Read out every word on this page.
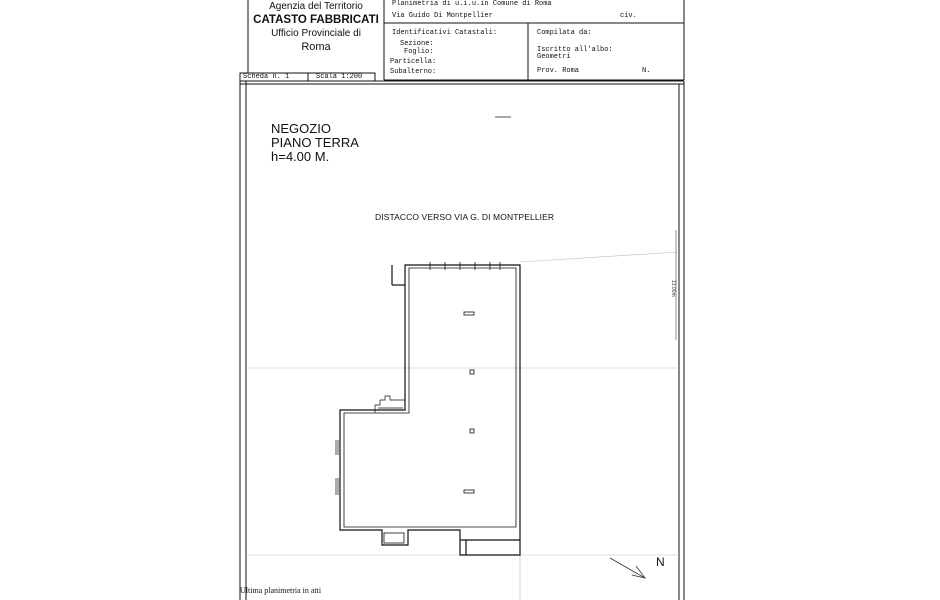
Agenzia del Territorio
CATASTO FABBRICATI
Ufficio Provinciale di
Roma
Planimetria di u.i.u.in Comune di Roma
Via Guido Di Montpellier	civ.
Identificativi Catastali:
Sezione:
Foglio:
Particella:
Subalterno:
Compilata da:
Iscritto all'albo:
Geometri
Prov. Roma	N.
Scheda n. 1	Scala 1:200
NEGOZIO
PIANO TERRA
h=4.00 M.
DISTACCO VERSO VIA G. DI MONTPELLIER
N
13.00m
Ultima planimetria in atti
